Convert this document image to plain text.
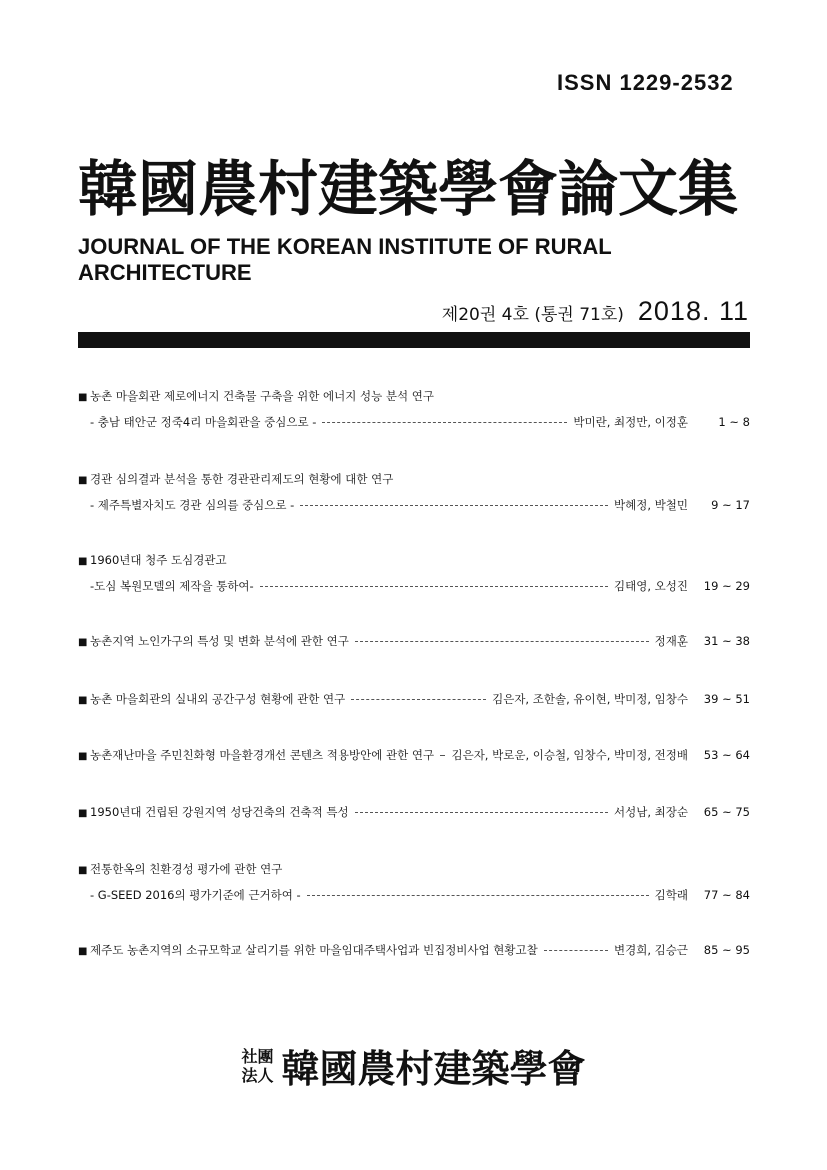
ISSN 1229-2532
韓國農村建築學會論文集
JOURNAL OF THE KOREAN INSTITUTE OF RURAL ARCHITECTURE
제20권 4호 (통권 71호) 2018. 11
■ 농촌 마을회관 제로에너지 건축물 구축을 위한 에너지 성능 분석 연구
- 충남 태안군 정죽4리 마을회관을 중심으로 -	박미란, 최정만, 이정훈	1 ~ 8
■ 경관 심의결과 분석을 통한 경관관리제도의 현황에 대한 연구
- 제주특별자치도 경관 심의를 중심으로 -	박혜정, 박철민	9 ~ 17
■ 1960년대 청주 도심경관고
-도심 복원모델의 제작을 통하여-	김태영, 오성진	19 ~ 29
■ 농촌지역 노인가구의 특성 및 변화 분석에 관한 연구	정재훈	31 ~ 38
■ 농촌 마을회관의 실내외 공간구성 현황에 관한 연구	김은자, 조한솔, 유이현, 박미정, 임창수	39 ~ 51
■ 농촌재난마을 주민친화형 마을환경개선 콘텐츠 적용방안에 관한 연구 김은자, 박로운, 이승철, 임창수, 박미정, 전정배	53 ~ 64
■ 1950년대 건립된 강원지역 성당건축의 건축적 특성	서성남, 최장순	65 ~ 75
■ 전통한옥의 친환경성 평가에 관한 연구
- G-SEED 2016의 평가기준에 근거하여 -	김학래	77 ~ 84
■ 제주도 농촌지역의 소규모학교 살리기를 위한 마을임대주택사업과 빈집정비사업 현황고찰	변경희, 김승근	85 ~ 95
社團
法人 韓國農村建築學會
